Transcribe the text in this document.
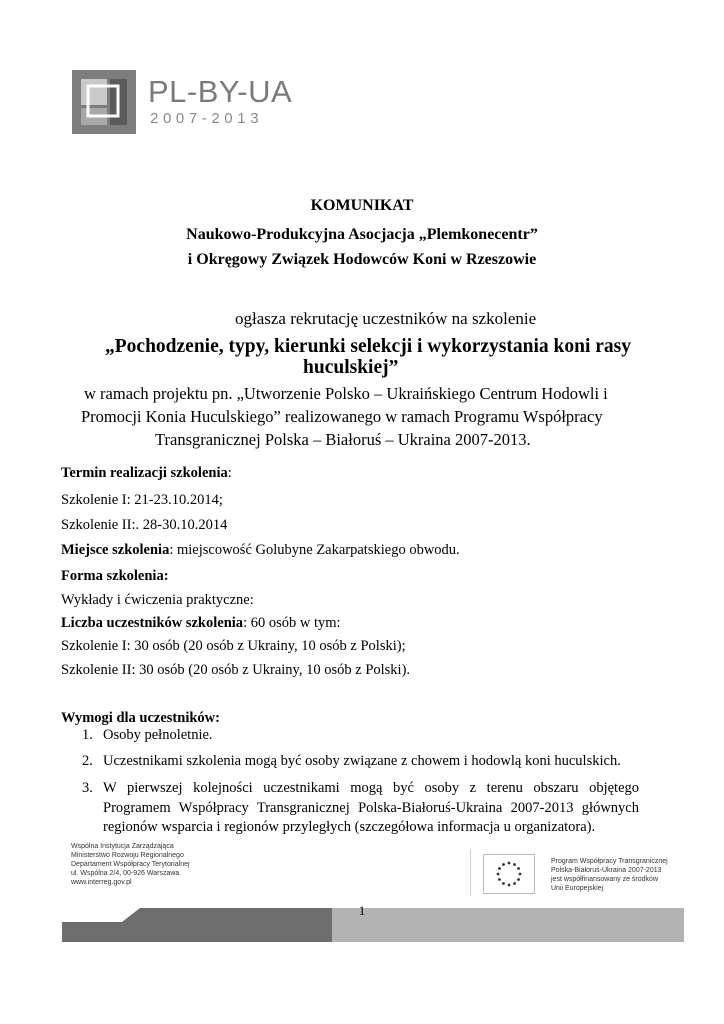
PL-BY-UA
2007-2013
KOMUNIKAT
Naukowo-Produkcyjna Asocjacja „Plemkonecentr”
i Okręgowy Związek Hodowców Koni w Rzeszowie
ogłasza rekrutację uczestników na szkolenie
„Pochodzenie, typy, kierunki selekcji i wykorzystania koni rasy
huculskiej”
w ramach projektu pn. „Utworzenie Polsko – Ukraińskiego Centrum Hodowli i
Promocji Konia Huculskiego” realizowanego w ramach Programu Współpracy
Transgranicznej Polska – Białoruś – Ukraina 2007-2013.
Termin realizacji szkolenia:
Szkolenie I: 21-23.10.2014;
Szkolenie II:. 28-30.10.2014
Miejsce szkolenia: miejscowość Golubyne Zakarpatskiego obwodu.
Forma szkolenia:
Wykłady i ćwiczenia praktyczne:
Liczba uczestników szkolenia: 60 osób w tym:
Szkolenie I: 30 osób (20 osób z Ukrainy, 10 osób z Polski);
Szkolenie II: 30 osób (20 osób z Ukrainy, 10 osób z Polski).
Wymogi dla uczestników:
1. Osoby pełnoletnie.
2. Uczestnikami szkolenia mogą być osoby związane z chowem i hodowlą koni huculskich.
3. W pierwszej kolejności uczestnikami mogą być osoby z terenu obszaru objętego Programem Współpracy Transgranicznej Polska-Białoruś-Ukraina 2007-2013 głównych regionów wsparcia i regionów przyległych (szczegółowa informacja u organizatora).
Wspólna Instytucja Zarządzająca
Ministerstwo Rozwoju Regionalnego
Departament Współpracy Terytorialnej
ul. Wspólna 2/4, 00-926 Warszawa
www.interreg.gov.pl
Program Współpracy Transgranicznej
Polska-Białoruś-Ukraina 2007-2013
jest współfinansowany ze środków
Unii Europejskiej
1
